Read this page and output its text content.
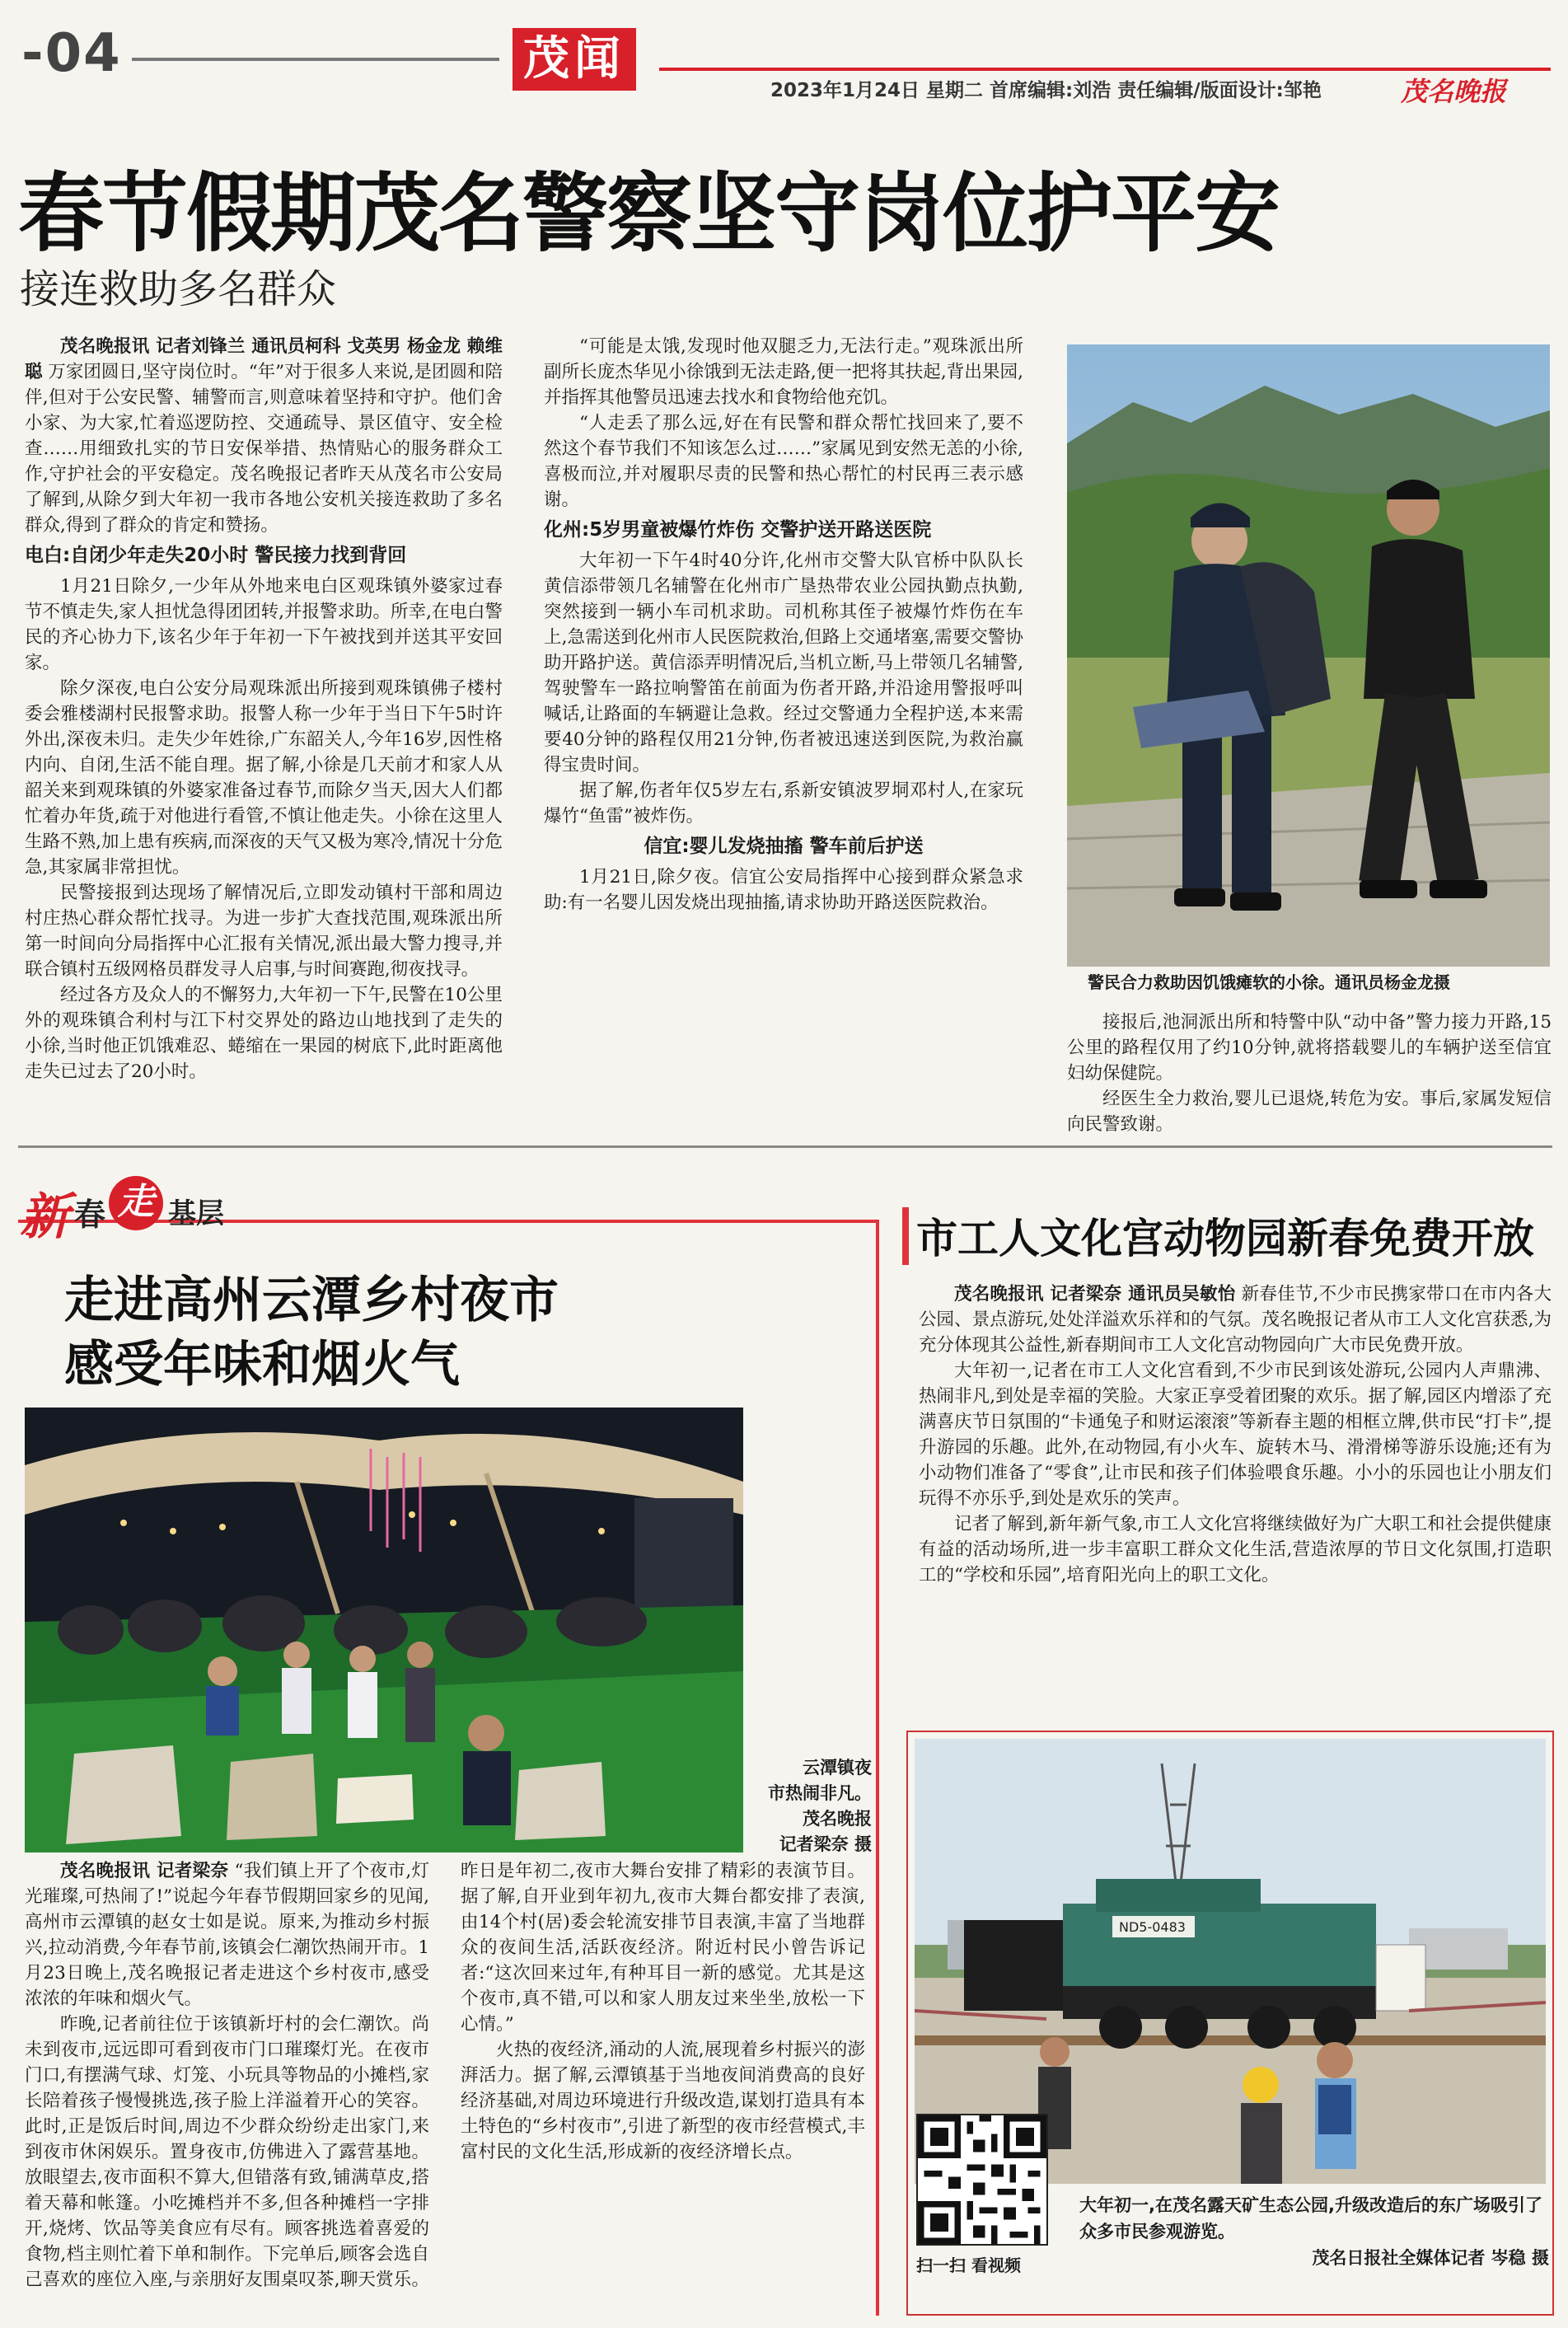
-04	茂闻
2023年1月24日 星期二 首席编辑:刘浩 责任编辑/版面设计:邹艳	茂名晚报
春节假期茂名警察坚守岗位护平安
接连救助多名群众

茂名晚报讯 记者刘锋兰 通讯员柯科 戈英男 杨金龙 赖维聪 万家团圆日,坚守岗位时。“年”对于很多人来说,是团圆和陪伴,但对于公安民警、辅警而言,则意味着坚持和守护。他们舍小家、为大家,忙着巡逻防控、交通疏导、景区值守、安全检查……用细致扎实的节日安保举措、热情贴心的服务群众工作,守护社会的平安稳定。茂名晚报记者昨天从茂名市公安局了解到,从除夕到大年初一我市各地公安机关接连救助了多名群众,得到了群众的肯定和赞扬。

电白:自闭少年走失20小时 警民接力找到背回

1月21日除夕,一少年从外地来电白区观珠镇外婆家过春节不慎走失,家人担忧急得团团转,并报警求助。所幸,在电白警民的齐心协力下,该名少年于年初一下午被找到并送其平安回家。

除夕深夜,电白公安分局观珠派出所接到观珠镇佛子楼村委会雅楼湖村民报警求助。报警人称一少年于当日下午5时许外出,深夜未归。走失少年姓徐,广东韶关人,今年16岁,因性格内向、自闭,生活不能自理。据了解,小徐是几天前才和家人从韶关来到观珠镇的外婆家准备过春节,而除夕当天,因大人们都忙着办年货,疏于对他进行看管,不慎让他走失。小徐在这里人生路不熟,加上患有疾病,而深夜的天气又极为寒冷,情况十分危急,其家属非常担忧。

民警接报到达现场了解情况后,立即发动镇村干部和周边村庄热心群众帮忙找寻。为进一步扩大查找范围,观珠派出所第一时间向分局指挥中心汇报有关情况,派出最大警力搜寻,并联合镇村五级网格员群发寻人启事,与时间赛跑,彻夜找寻。

经过各方及众人的不懈努力,大年初一下午,民警在10公里外的观珠镇合利村与江下村交界处的路边山地找到了走失的小徐,当时他正饥饿难忍、蜷缩在一果园的树底下,此时距离他走失已过去了20小时。

“可能是太饿,发现时他双腿乏力,无法行走。”观珠派出所副所长庞杰华见小徐饿到无法走路,便一把将其扶起,背出果园,并指挥其他警员迅速去找水和食物给他充饥。

“人走丢了那么远,好在有民警和群众帮忙找回来了,要不然这个春节我们不知该怎么过……”家属见到安然无恙的小徐,喜极而泣,并对履职尽责的民警和热心帮忙的村民再三表示感谢。

化州:5岁男童被爆竹炸伤 交警护送开路送医院

大年初一下午4时40分许,化州市交警大队官桥中队队长黄信添带领几名辅警在化州市广垦热带农业公园执勤点执勤,突然接到一辆小车司机求助。司机称其侄子被爆竹炸伤在车上,急需送到化州市人民医院救治,但路上交通堵塞,需要交警协助开路护送。黄信添弄明情况后,当机立断,马上带领几名辅警,驾驶警车一路拉响警笛在前面为伤者开路,并沿途用警报呼叫喊话,让路面的车辆避让急救。经过交警通力全程护送,本来需要40分钟的路程仅用21分钟,伤者被迅速送到医院,为救治赢得宝贵时间。

据了解,伤者年仅5岁左右,系新安镇波罗垌邓村人,在家玩爆竹“鱼雷”被炸伤。

信宜:婴儿发烧抽搐 警车前后护送

1月21日,除夕夜。信宜公安局指挥中心接到群众紧急求助:有一名婴儿因发烧出现抽搐,请求协助开路送医院救治。

警民合力救助因饥饿瘫软的小徐。通讯员杨金龙摄

接报后,池洞派出所和特警中队“动中备”警力接力开路,15公里的路程仅用了约10分钟,就将搭载婴儿的车辆护送至信宜妇幼保健院。

经医生全力救治,婴儿已退烧,转危为安。事后,家属发短信向民警致谢。

新 春 走 基层
走进高州云潭乡村夜市
感受年味和烟火气
云潭镇夜
市热闹非凡。
茂名晚报
记者梁奈 摄

茂名晚报讯 记者梁奈 “我们镇上开了个夜市,灯光璀璨,可热闹了!”说起今年春节假期回家乡的见闻,高州市云潭镇的赵女士如是说。原来,为推动乡村振兴,拉动消费,今年春节前,该镇会仁潮饮热闹开市。1月23日晚上,茂名晚报记者走进这个乡村夜市,感受浓浓的年味和烟火气。

昨晚,记者前往位于该镇新圩村的会仁潮饮。尚未到夜市,远远即可看到夜市门口璀璨灯光。在夜市门口,有摆满气球、灯笼、小玩具等物品的小摊档,家长陪着孩子慢慢挑选,孩子脸上洋溢着开心的笑容。此时,正是饭后时间,周边不少群众纷纷走出家门,来到夜市休闲娱乐。置身夜市,仿佛进入了露营基地。放眼望去,夜市面积不算大,但错落有致,铺满草皮,搭着天幕和帐篷。小吃摊档并不多,但各种摊档一字排开,烧烤、饮品等美食应有尽有。顾客挑选着喜爱的食物,档主则忙着下单和制作。下完单后,顾客会选自己喜欢的座位入座,与亲朋好友围桌叹茶,聊天赏乐。昨日是年初二,夜市大舞台安排了精彩的表演节目。据了解,自开业到年初九,夜市大舞台都安排了表演,由14个村(居)委会轮流安排节目表演,丰富了当地群众的夜间生活,活跃夜经济。附近村民小曾告诉记者:“这次回来过年,有种耳目一新的感觉。尤其是这个夜市,真不错,可以和家人朋友过来坐坐,放松一下心情。”

火热的夜经济,涌动的人流,展现着乡村振兴的澎湃活力。据了解,云潭镇基于当地夜间消费高的良好经济基础,对周边环境进行升级改造,谋划打造具有本土特色的“乡村夜市”,引进了新型的夜市经营模式,丰富村民的文化生活,形成新的夜经济增长点。

市工人文化宫动物园新春免费开放

茂名晚报讯 记者梁奈 通讯员吴敏怡 新春佳节,不少市民携家带口在市内各大公园、景点游玩,处处洋溢欢乐祥和的气氛。茂名晚报记者从市工人文化宫获悉,为充分体现其公益性,新春期间市工人文化宫动物园向广大市民免费开放。

大年初一,记者在市工人文化宫看到,不少市民到该处游玩,公园内人声鼎沸、热闹非凡,到处是幸福的笑脸。大家正享受着团聚的欢乐。据了解,园区内增添了充满喜庆节日氛围的“卡通兔子和财运滚滚”等新春主题的相框立牌,供市民“打卡”,提升游园的乐趣。此外,在动物园,有小火车、旋转木马、滑滑梯等游乐设施;还有为小动物们准备了“零食”,让市民和孩子们体验喂食乐趣。小小的乐园也让小朋友们玩得不亦乐乎,到处是欢乐的笑声。

记者了解到,新年新气象,市工人文化宫将继续做好为广大职工和社会提供健康有益的活动场所,进一步丰富职工群众文化生活,营造浓厚的节日文化氛围,打造职工的“学校和乐园”,培育阳光向上的职工文化。

ND5-0483
扫一扫 看视频
大年初一,在茂名露天矿生态公园,升级改造后的东广场吸引了众多市民参观游览。
茂名日报社全媒体记者 岑稳 摄
